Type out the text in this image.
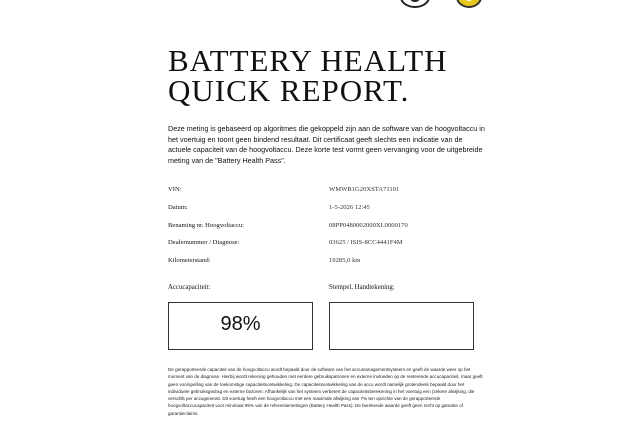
BATTERY HEALTH
QUICK REPORT.
Deze meting is gebaseerd op algoritmes die gekoppeld zijn aan de software van de hoogvoltaccu in het voertuig en toont geen bindend resultaat. Dit certificaat geeft slechts een indicatie van de actuele capaciteit van de hoogvoltaccu. Deze korte test vormt geen vervanging voor de uitgebreide meting van de "Battery Health Pass".
VIN:	WMWB1G20XSTA71101
Datum:	1-5-2026 12:45
Benaming nr. Hoogvoltaccu:	08PP0480002000XL0000170
Dealernummer / Diagnose:	03625 / ISIS-8CC4441F4M
Kilometerstand:	19285,0 km
Accucapaciteit:
98%
Stempel, Handtekening:
De gerapporteerde capaciteit van de hoogvoltaccu wordt bepaald door de software van het accumanagementsysteem en geeft de waarde weer op het moment van de diagnose. Hierbij wordt rekening gehouden met eerdere gebruikspatronen en externe invloeden op de resterende accucapaciteit, maar geeft geen voorspelling van de toekomstige capaciteitsontwikkeling. De capaciteitsontwikkeling van de accu wordt namelijk grotendeels bepaald door het individuele gebruiksgedrag en externe factoren. Afhankelijk van het systeem verbetert de capaciteitsberekening in het voertuig een (zekere afwijking, die verschilt per accugenerati. Dit voertuig heeft een hoogvoltaccu met een maximale afwijking van 7% ten opzichte van de gerapporteerde hoogvoltaccucapaciteit voor minimaal 95% van de referentiemetingen (Battery Health Pass). De berekende waarde geeft geen recht op garantie of garantieclaims.
